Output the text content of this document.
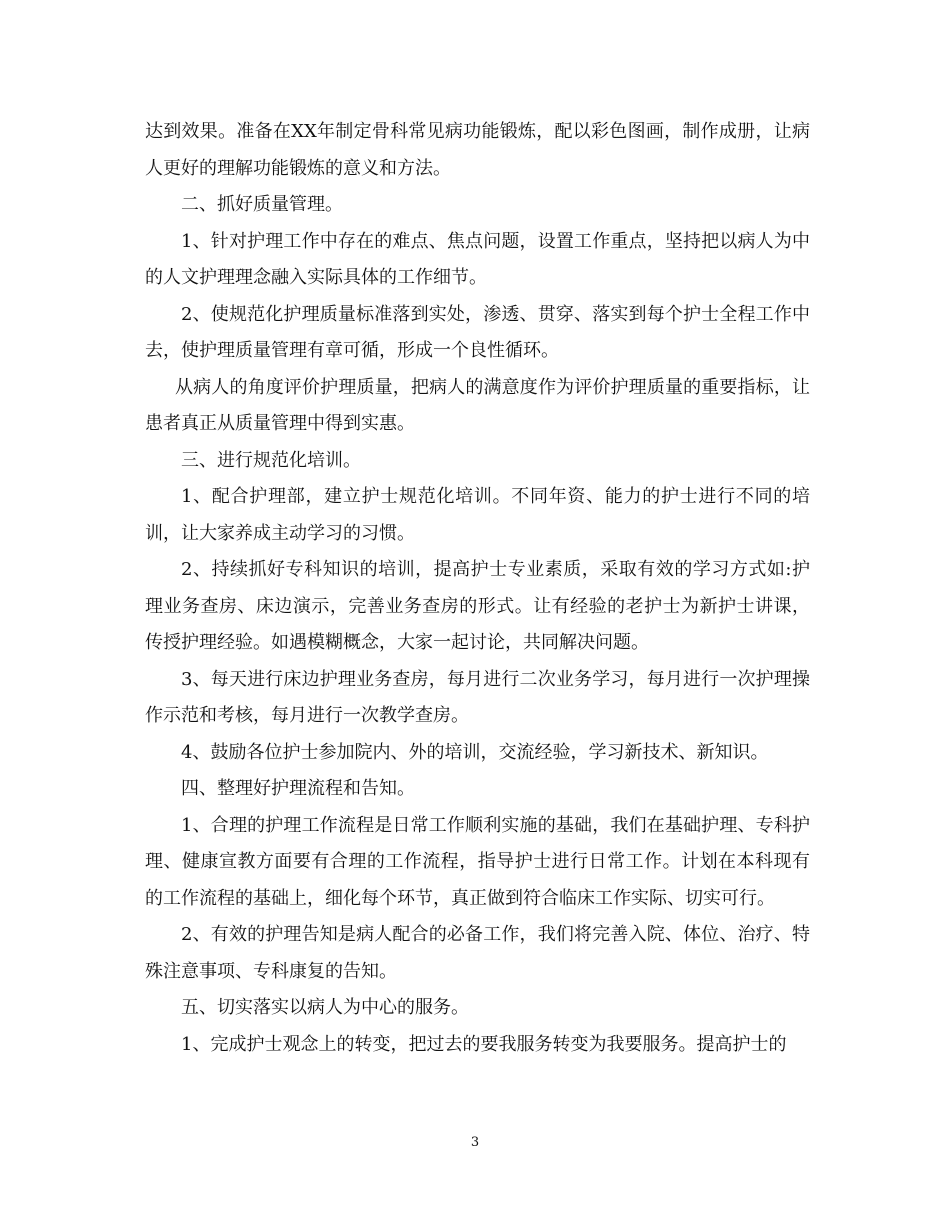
达到效果。准备在XX年制定骨科常见病功能锻炼，配以彩色图画，制作成册，让病人更好的理解功能锻炼的意义和方法。

二、抓好质量管理。

1、针对护理工作中存在的难点、焦点问题，设置工作重点，坚持把以病人为中的人文护理理念融入实际具体的工作细节。

2、使规范化护理质量标准落到实处，渗透、贯穿、落实到每个护士全程工作中去，使护理质量管理有章可循，形成一个良性循环。

从病人的角度评价护理质量，把病人的满意度作为评价护理质量的重要指标，让患者真正从质量管理中得到实惠。

三、进行规范化培训。

1、配合护理部，建立护士规范化培训。不同年资、能力的护士进行不同的培训，让大家养成主动学习的习惯。

2、持续抓好专科知识的培训，提高护士专业素质，采取有效的学习方式如:护理业务查房、床边演示，完善业务查房的形式。让有经验的老护士为新护士讲课，传授护理经验。如遇模糊概念，大家一起讨论，共同解决问题。

3、每天进行床边护理业务查房，每月进行二次业务学习，每月进行一次护理操作示范和考核，每月进行一次教学查房。

4、鼓励各位护士参加院内、外的培训，交流经验，学习新技术、新知识。

四、整理好护理流程和告知。

1、合理的护理工作流程是日常工作顺利实施的基础，我们在基础护理、专科护理、健康宣教方面要有合理的工作流程，指导护士进行日常工作。计划在本科现有的工作流程的基础上，细化每个环节，真正做到符合临床工作实际、切实可行。

2、有效的护理告知是病人配合的必备工作，我们将完善入院、体位、治疗、特殊注意事项、专科康复的告知。

五、切实落实以病人为中心的服务。

1、完成护士观念上的转变，把过去的要我服务转变为我要服务。提高护士的

3
